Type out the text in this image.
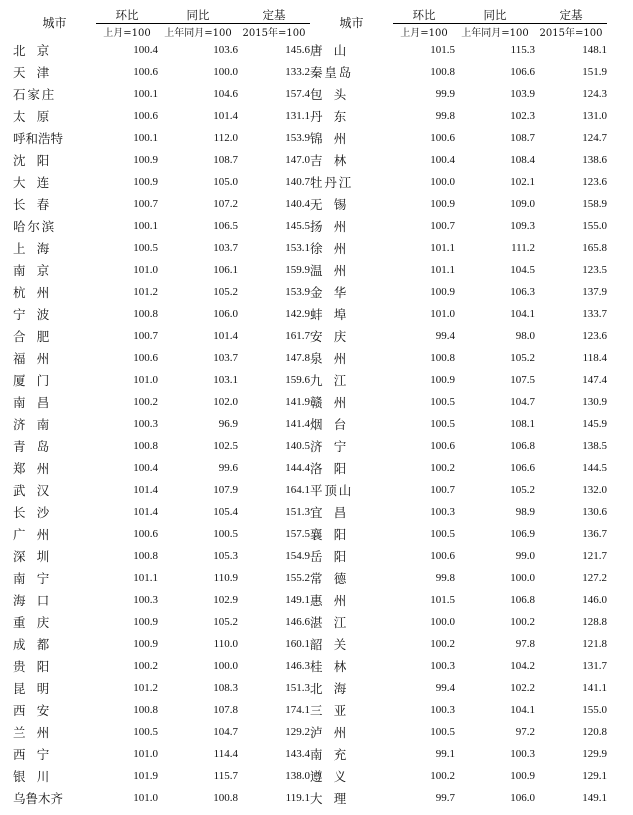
城市	环比	同比	定基	城市	环比	同比	定基
	上月=100	上年同月=100	2015年=100		上月=100	上年同月=100	2015年=100
北京	100.4	103.6	145.6	唐山	101.5	115.3	148.1
天津	100.6	100.0	133.2	秦皇岛	100.8	106.6	151.9
石家庄	100.1	104.6	157.4	包头	99.9	103.9	124.3
太原	100.6	101.4	131.1	丹东	99.8	102.3	131.0
呼和浩特	100.1	112.0	153.9	锦州	100.6	108.7	124.7
沈阳	100.9	108.7	147.0	吉林	100.4	108.4	138.6
大连	100.9	105.0	140.7	牡丹江	100.0	102.1	123.6
长春	100.7	107.2	140.4	无锡	100.9	109.0	158.9
哈尔滨	100.1	106.5	145.5	扬州	100.7	109.3	155.0
上海	100.5	103.7	153.1	徐州	101.1	111.2	165.8
南京	101.0	106.1	159.9	温州	101.1	104.5	123.5
杭州	101.2	105.2	153.9	金华	100.9	106.3	137.9
宁波	100.8	106.0	142.9	蚌埠	101.0	104.1	133.7
合肥	100.7	101.4	161.7	安庆	99.4	98.0	123.6
福州	100.6	103.7	147.8	泉州	100.8	105.2	118.4
厦门	101.0	103.1	159.6	九江	100.9	107.5	147.4
南昌	100.2	102.0	141.9	赣州	100.5	104.7	130.9
济南	100.3	96.9	141.4	烟台	100.5	108.1	145.9
青岛	100.8	102.5	140.5	济宁	100.6	106.8	138.5
郑州	100.4	99.6	144.4	洛阳	100.2	106.6	144.5
武汉	101.4	107.9	164.1	平顶山	100.7	105.2	132.0
长沙	101.4	105.4	151.3	宜昌	100.3	98.9	130.6
广州	100.6	100.5	157.5	襄阳	100.5	106.9	136.7
深圳	100.8	105.3	154.9	岳阳	100.6	99.0	121.7
南宁	101.1	110.9	155.2	常德	99.8	100.0	127.2
海口	100.3	102.9	149.1	惠州	101.5	106.8	146.0
重庆	100.9	105.2	146.6	湛江	100.0	100.2	128.8
成都	100.9	110.0	160.1	韶关	100.2	97.8	121.8
贵阳	100.2	100.0	146.3	桂林	100.3	104.2	131.7
昆明	101.2	108.3	151.3	北海	99.4	102.2	141.1
西安	100.8	107.8	174.1	三亚	100.3	104.1	155.0
兰州	100.5	104.7	129.2	泸州	100.5	97.2	120.8
西宁	101.0	114.4	143.4	南充	99.1	100.3	129.9
银川	101.9	115.7	138.0	遵义	100.2	100.9	129.1
乌鲁木齐	101.0	100.8	119.1	大理	99.7	106.0	149.1
